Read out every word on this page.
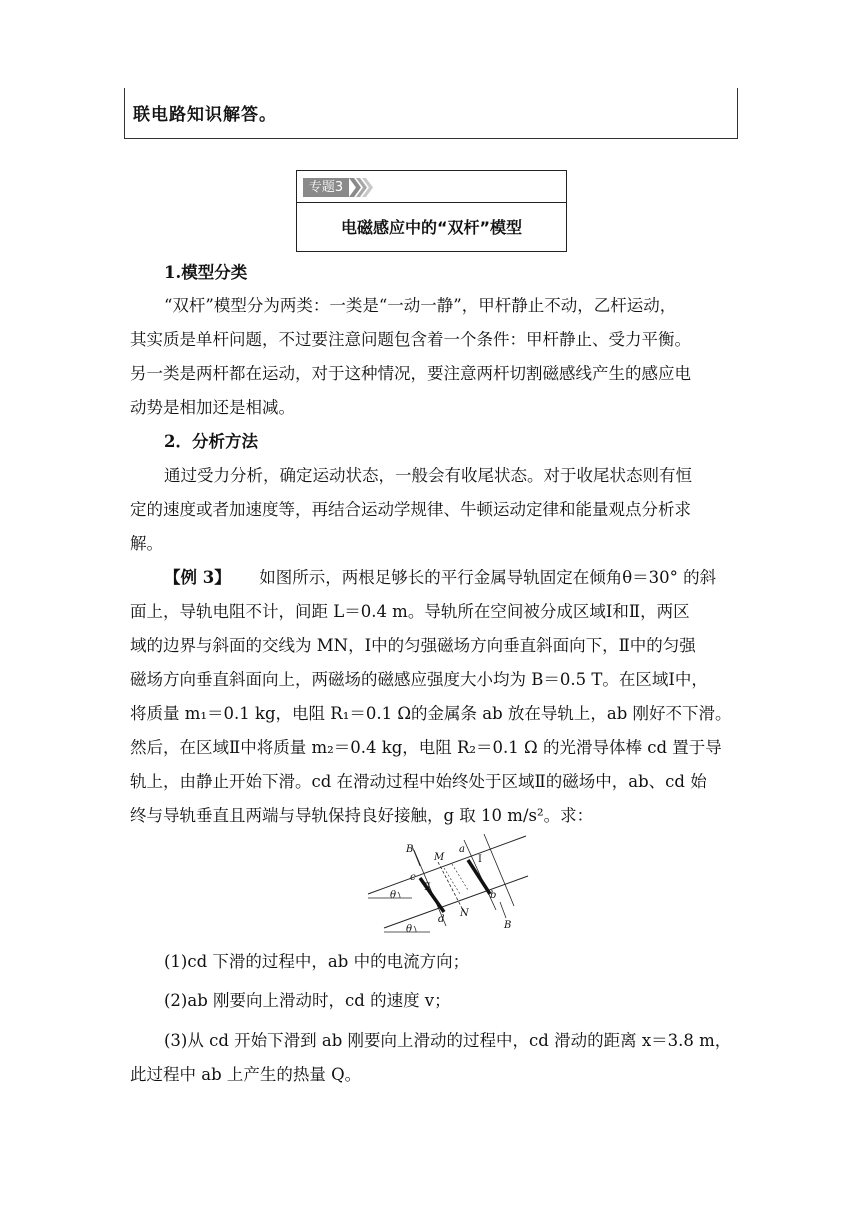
联电路知识解答。
专题3
电磁感应中的“双杆”模型
1.模型分类
“双杆”模型分为两类：一类是“一动一静”，甲杆静止不动，乙杆运动，
其实质是单杆问题，不过要注意问题包含着一个条件：甲杆静止、受力平衡。
另一类是两杆都在运动，对于这种情况，要注意两杆切割磁感线产生的感应电
动势是相加还是相减。
2．分析方法
通过受力分析，确定运动状态，一般会有收尾状态。对于收尾状态则有恒
定的速度或者加速度等，再结合运动学规律、牛顿运动定律和能量观点分析求
解。
【例 3】 如图所示，两根足够长的平行金属导轨固定在倾角θ＝30° 的斜
面上，导轨电阻不计，间距 L＝0.4 m。导轨所在空间被分成区域Ⅰ和Ⅱ，两区
域的边界与斜面的交线为 MN，Ⅰ中的匀强磁场方向垂直斜面向下，Ⅱ中的匀强
磁场方向垂直斜面向上，两磁场的磁感应强度大小均为 B＝0.5 T。在区域Ⅰ中，
将质量 m₁＝0.1 kg，电阻 R₁＝0.1 Ω的金属条 ab 放在导轨上，ab 刚好不下滑。
然后，在区域Ⅱ中将质量 m₂＝0.4 kg，电阻 R₂＝0.1 Ω 的光滑导体棒 cd 置于导
轨上，由静止开始下滑。cd 在滑动过程中始终处于区域Ⅱ的磁场中，ab、cd 始
终与导轨垂直且两端与导轨保持良好接触，g 取 10 m/s²。求：
B
M
a
Ⅰ
c
Ⅱ
b
N
B
d
θ
θ
(1)cd 下滑的过程中，ab 中的电流方向；
(2)ab 刚要向上滑动时，cd 的速度 v；
(3)从 cd 开始下滑到 ab 刚要向上滑动的过程中，cd 滑动的距离 x＝3.8 m，
此过程中 ab 上产生的热量 Q。
